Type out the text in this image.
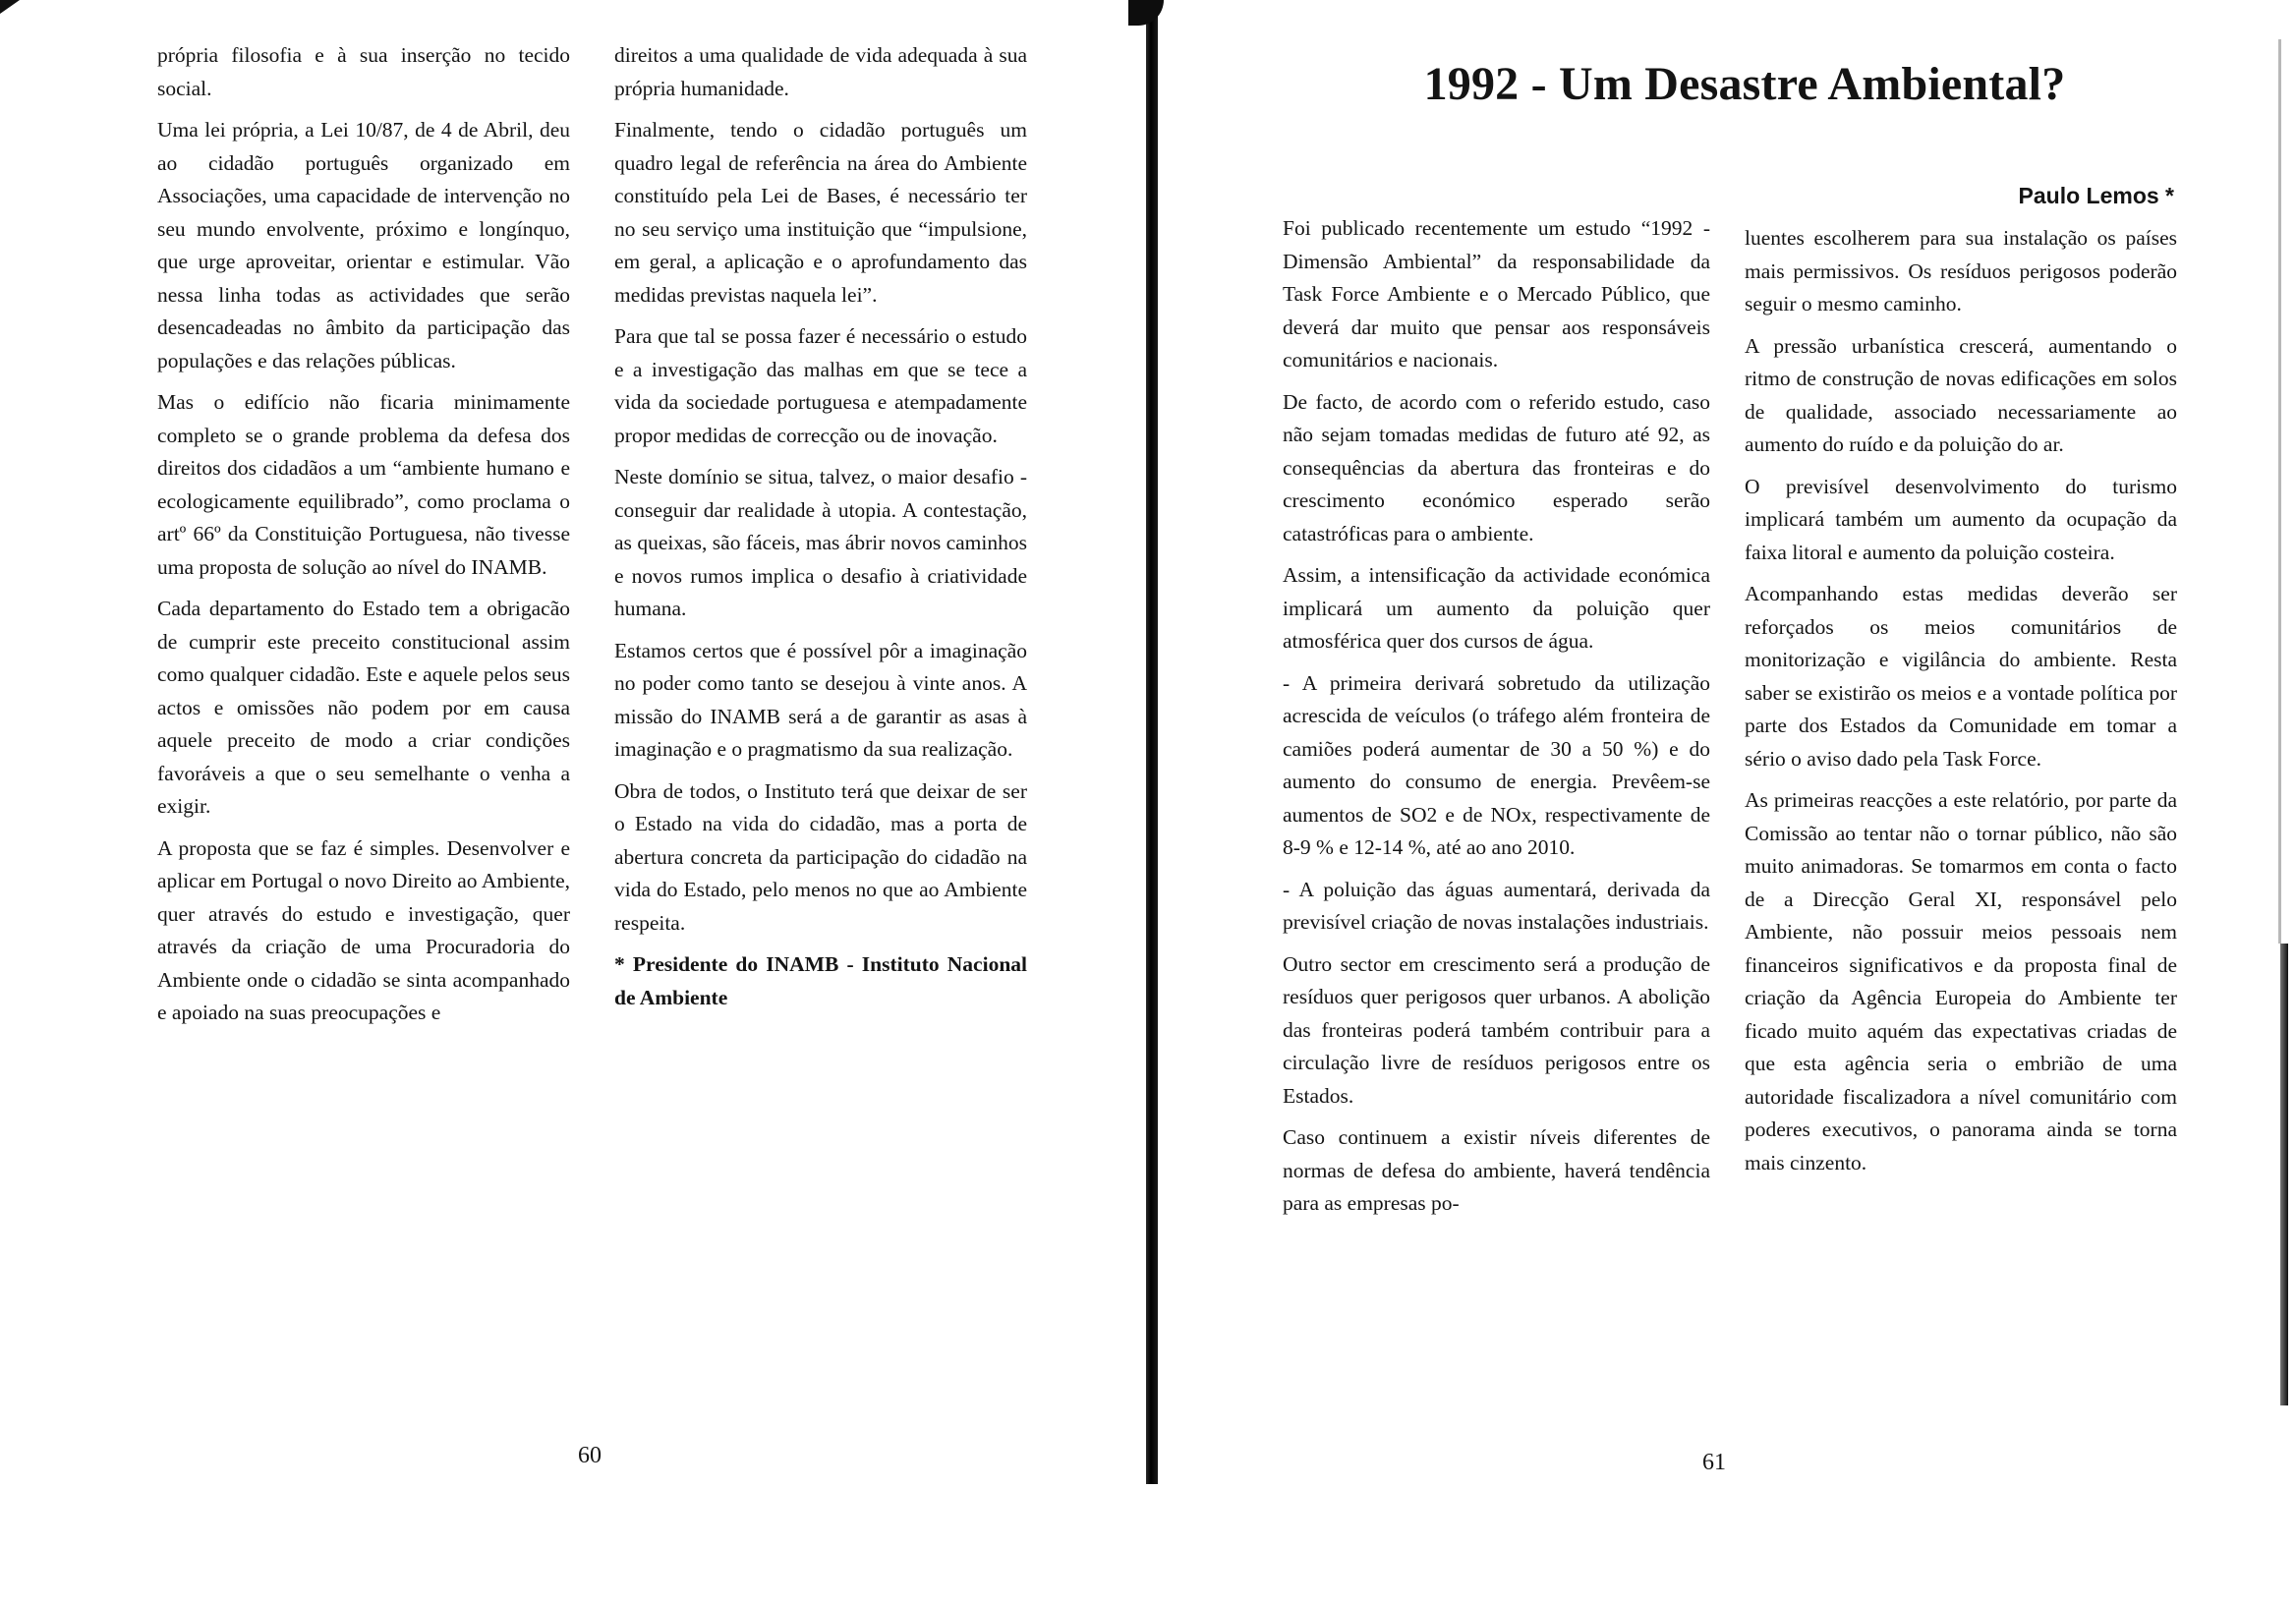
própria filosofia e à sua inserção no tecido social.

Uma lei própria, a Lei 10/87, de 4 de Abril, deu ao cidadão português organizado em Associações, uma capacidade de intervenção no seu mundo envolvente, próximo e longínquo, que urge aproveitar, orientar e estimular. Vão nessa linha todas as actividades que serão desencadeadas no âmbito da participação das populações e das relações públicas.

Mas o edifício não ficaria minimamente completo se o grande problema da defesa dos direitos dos cidadãos a um “ambiente humano e ecologicamente equilibrado”, como proclama o artº 66º da Constituição Portuguesa, não tivesse uma proposta de solução ao nível do INAMB.

Cada departamento do Estado tem a obrigacão de cumprir este preceito constitucional assim como qualquer cidadão. Este e aquele pelos seus actos e omissões não podem por em causa aquele preceito de modo a criar condições favoráveis a que o seu semelhante o venha a exigir.

A proposta que se faz é simples. Desenvolver e aplicar em Portugal o novo Direito ao Ambiente, quer através do estudo e investigação, quer através da criação de uma Procuradoria do Ambiente onde o cidadão se sinta acompanhado e apoiado na suas preocupações e

direitos a uma qualidade de vida adequada à sua própria humanidade.

Finalmente, tendo o cidadão português um quadro legal de referência na área do Ambiente constituído pela Lei de Bases, é necessário ter no seu serviço uma instituição que “impulsione, em geral, a aplicação e o aprofundamento das medidas previstas naquela lei”.

Para que tal se possa fazer é necessário o estudo e a investigação das malhas em que se tece a vida da sociedade portuguesa e atempadamente propor medidas de correcção ou de inovação.

Neste domínio se situa, talvez, o maior desafio - conseguir dar realidade à utopia. A contestação, as queixas, são fáceis, mas ábrir novos caminhos e novos rumos implica o desafio à criatividade humana.

Estamos certos que é possível pôr a imaginação no poder como tanto se desejou à vinte anos. A missão do INAMB será a de garantir as asas à imaginação e o pragmatismo da sua realização.

Obra de todos, o Instituto terá que deixar de ser o Estado na vida do cidadão, mas a porta de abertura concreta da participação do cidadão na vida do Estado, pelo menos no que ao Ambiente respeita.

* Presidente do INAMB - Instituto Nacional de Ambiente

60
1992 - Um Desastre Ambiental?
Paulo Lemos *

Foi publicado recentemente um estudo “1992 - Dimensão Ambiental” da responsabilidade da Task Force Ambiente e o Mercado Público, que deverá dar muito que pensar aos responsáveis comunitários e nacionais.

De facto, de acordo com o referido estudo, caso não sejam tomadas medidas de futuro até 92, as consequências da abertura das fronteiras e do crescimento económico esperado serão catastróficas para o ambiente.

Assim, a intensificação da actividade económica implicará um aumento da poluição quer atmosférica quer dos cursos de água.

- A primeira derivará sobretudo da utilização acrescida de veículos (o tráfego além fronteira de camiões poderá aumentar de 30 a 50 %) e do aumento do consumo de energia. Prevêem-se aumentos de SO2 e de NOx, respectivamente de 8-9 % e 12-14 %, até ao ano 2010.

- A poluição das águas aumentará, derivada da previsível criação de novas instalações industriais.

Outro sector em crescimento será a produção de resíduos quer perigosos quer urbanos. A abolição das fronteiras poderá também contribuir para a circulação livre de resíduos perigosos entre os Estados.

Caso continuem a existir níveis diferentes de normas de defesa do ambiente, haverá tendência para as empresas po-

luentes escolherem para sua instalação os países mais permissivos. Os resíduos perigosos poderão seguir o mesmo caminho.

A pressão urbanística crescerá, aumentando o ritmo de construção de novas edificações em solos de qualidade, associado necessariamente ao aumento do ruído e da poluição do ar.

O previsível desenvolvimento do turismo implicará também um aumento da ocupação da faixa litoral e aumento da poluição costeira.

Acompanhando estas medidas deverão ser reforçados os meios comunitários de monitorização e vigilância do ambiente. Resta saber se existirão os meios e a vontade política por parte dos Estados da Comunidade em tomar a sério o aviso dado pela Task Force.

As primeiras reacções a este relatório, por parte da Comissão ao tentar não o tornar público, não são muito animadoras. Se tomarmos em conta o facto de a Direcção Geral XI, responsável pelo Ambiente, não possuir meios pessoais nem financeiros significativos e da proposta final de criação da Agência Europeia do Ambiente ter ficado muito aquém das expectativas criadas de que esta agência seria o embrião de uma autoridade fiscalizadora a nível comunitário com poderes executivos, o panorama ainda se torna mais cinzento.

61
